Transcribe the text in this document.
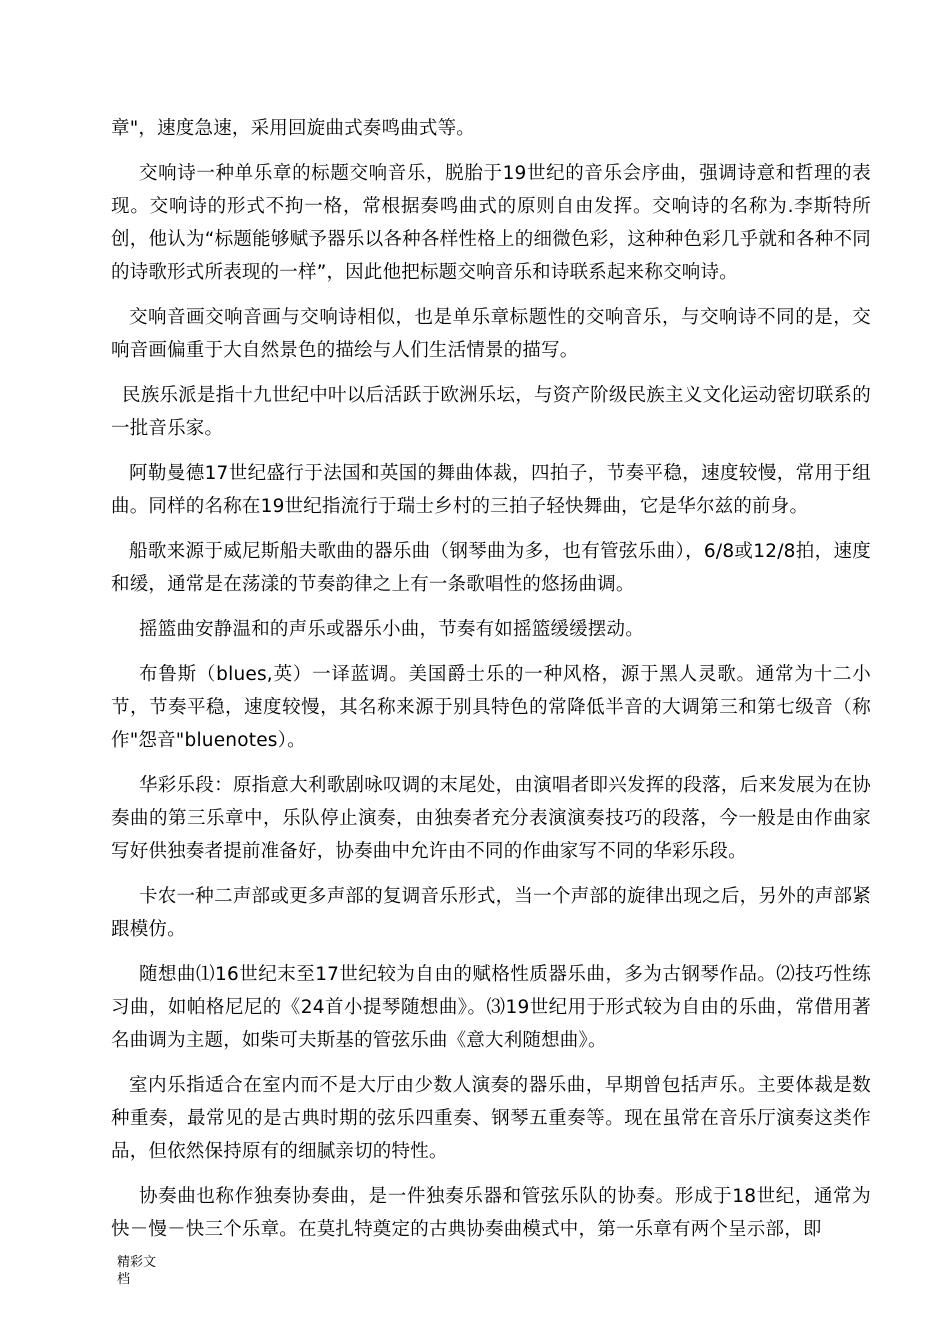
章"，速度急速，采用回旋曲式奏鸣曲式等。

交响诗一种单乐章的标题交响音乐，脱胎于19世纪的音乐会序曲，强调诗意和哲理的表现。交响诗的形式不拘一格，常根据奏鸣曲式的原则自由发挥。交响诗的名称为.李斯特所创，他认为“标题能够赋予器乐以各种各样性格上的细微色彩，这种种色彩几乎就和各种不同的诗歌形式所表现的一样”，因此他把标题交响音乐和诗联系起来称交响诗。

交响音画交响音画与交响诗相似，也是单乐章标题性的交响音乐，与交响诗不同的是，交响音画偏重于大自然景色的描绘与人们生活情景的描写。

民族乐派是指十九世纪中叶以后活跃于欧洲乐坛，与资产阶级民族主义文化运动密切联系的一批音乐家。

阿勒曼德17世纪盛行于法国和英国的舞曲体裁，四拍子，节奏平稳，速度较慢，常用于组曲。同样的名称在19世纪指流行于瑞士乡村的三拍子轻快舞曲，它是华尔兹的前身。

船歌来源于威尼斯船夫歌曲的器乐曲（钢琴曲为多，也有管弦乐曲），6/8或12/8拍，速度和缓，通常是在荡漾的节奏韵律之上有一条歌唱性的悠扬曲调。

摇篮曲安静温和的声乐或器乐小曲，节奏有如摇篮缓缓摆动。

布鲁斯（blues,英）一译蓝调。美国爵士乐的一种风格，源于黑人灵歌。通常为十二小节，节奏平稳，速度较慢，其名称来源于别具特色的常降低半音的大调第三和第七级音（称作"怨音"bluenotes）。

华彩乐段：原指意大利歌剧咏叹调的末尾处，由演唱者即兴发挥的段落，后来发展为在协奏曲的第三乐章中，乐队停止演奏，由独奏者充分表演演奏技巧的段落，今一般是由作曲家写好供独奏者提前准备好，协奏曲中允许由不同的作曲家写不同的华彩乐段。

卡农一种二声部或更多声部的复调音乐形式，当一个声部的旋律出现之后，另外的声部紧跟模仿。

随想曲⑴16世纪末至17世纪较为自由的赋格性质器乐曲，多为古钢琴作品。⑵技巧性练习曲，如帕格尼尼的《24首小提琴随想曲》。⑶19世纪用于形式较为自由的乐曲，常借用著名曲调为主题，如柴可夫斯基的管弦乐曲《意大利随想曲》。

室内乐指适合在室内而不是大厅由少数人演奏的器乐曲，早期曾包括声乐。主要体裁是数种重奏，最常见的是古典时期的弦乐四重奏、钢琴五重奏等。现在虽常在音乐厅演奏这类作品，但依然保持原有的细腻亲切的特性。

协奏曲也称作独奏协奏曲，是一件独奏乐器和管弦乐队的协奏。形成于18世纪，通常为快－慢－快三个乐章。在莫扎特奠定的古典协奏曲模式中，第一乐章有两个呈示部，即

精彩文档
